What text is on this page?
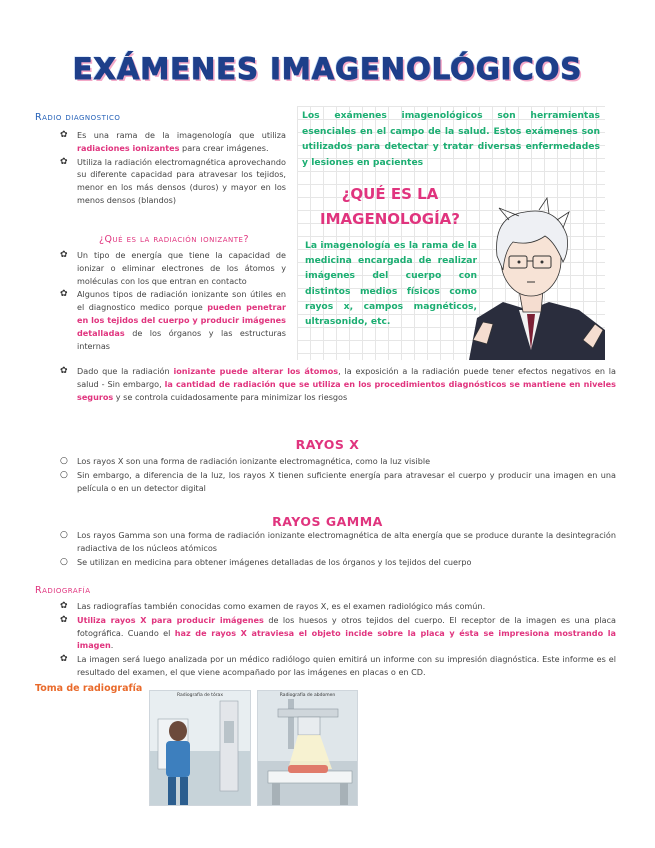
EXÁMENES IMAGENOLÓGICOS
Radio diagnostico
✿ Es una rama de la imagenología que utiliza radiaciones ionizantes para crear imágenes.
✿ Utiliza la radiación electromagnética aprovechando su diferente capacidad para atravesar los tejidos, menor en los más densos (duros) y mayor en los menos densos (blandos)
¿Qué es la radiación ionizante?
✿ Un tipo de energía que tiene la capacidad de ionizar o eliminar electrones de los átomos y moléculas con los que entran en contacto
✿ Algunos tipos de radiación ionizante son útiles en el diagnostico medico porque pueden penetrar en los tejidos del cuerpo y producir imágenes detalladas de los órganos y las estructuras internas
✿ Dado que la radiación ionizante puede alterar los átomos, la exposición a la radiación puede tener efectos negativos en la salud - Sin embargo, la cantidad de radiación que se utiliza en los procedimientos diagnósticos se mantiene en niveles seguros y se controla cuidadosamente para minimizar los riesgos
Los exámenes imagenológicos son herramientas esenciales en el campo de la salud. Estos exámenes son utilizados para detectar y tratar diversas enfermedades y lesiones en pacientes
¿QUÉ ES LA IMAGENOLOGÍA?
La imagenología es la rama de la medicina encargada de realizar imágenes del cuerpo con distintos medios físicos como rayos x, campos magnéticos, ultrasonido, etc.
RAYOS X
○ Los rayos X son una forma de radiación ionizante electromagnética, como la luz visible
○ Sin embargo, a diferencia de la luz, los rayos X tienen suficiente energía para atravesar el cuerpo y producir una imagen en una película o en un detector digital
RAYOS GAMMA
○ Los rayos Gamma son una forma de radiación ionizante electromagnética de alta energía que se produce durante la desintegración radiactiva de los núcleos atómicos
○ Se utilizan en medicina para obtener imágenes detalladas de los órganos y los tejidos del cuerpo
Radiografía
✿ Las radiografías también conocidas como examen de rayos X, es el examen radiológico más común.
✿ Utiliza rayos X para producir imágenes de los huesos y otros tejidos del cuerpo. El receptor de la imagen es una placa fotográfica. Cuando el haz de rayos X atraviesa el objeto incide sobre la placa y ésta se impresiona mostrando la imagen.
✿ La imagen será luego analizada por un médico radiólogo quien emitirá un informe con su impresión diagnóstica. Este informe es el resultado del examen, el que viene acompañado por las imágenes en placas o en CD.
Toma de radiografía
Radiografía de tórax	Radiografía de abdomen
